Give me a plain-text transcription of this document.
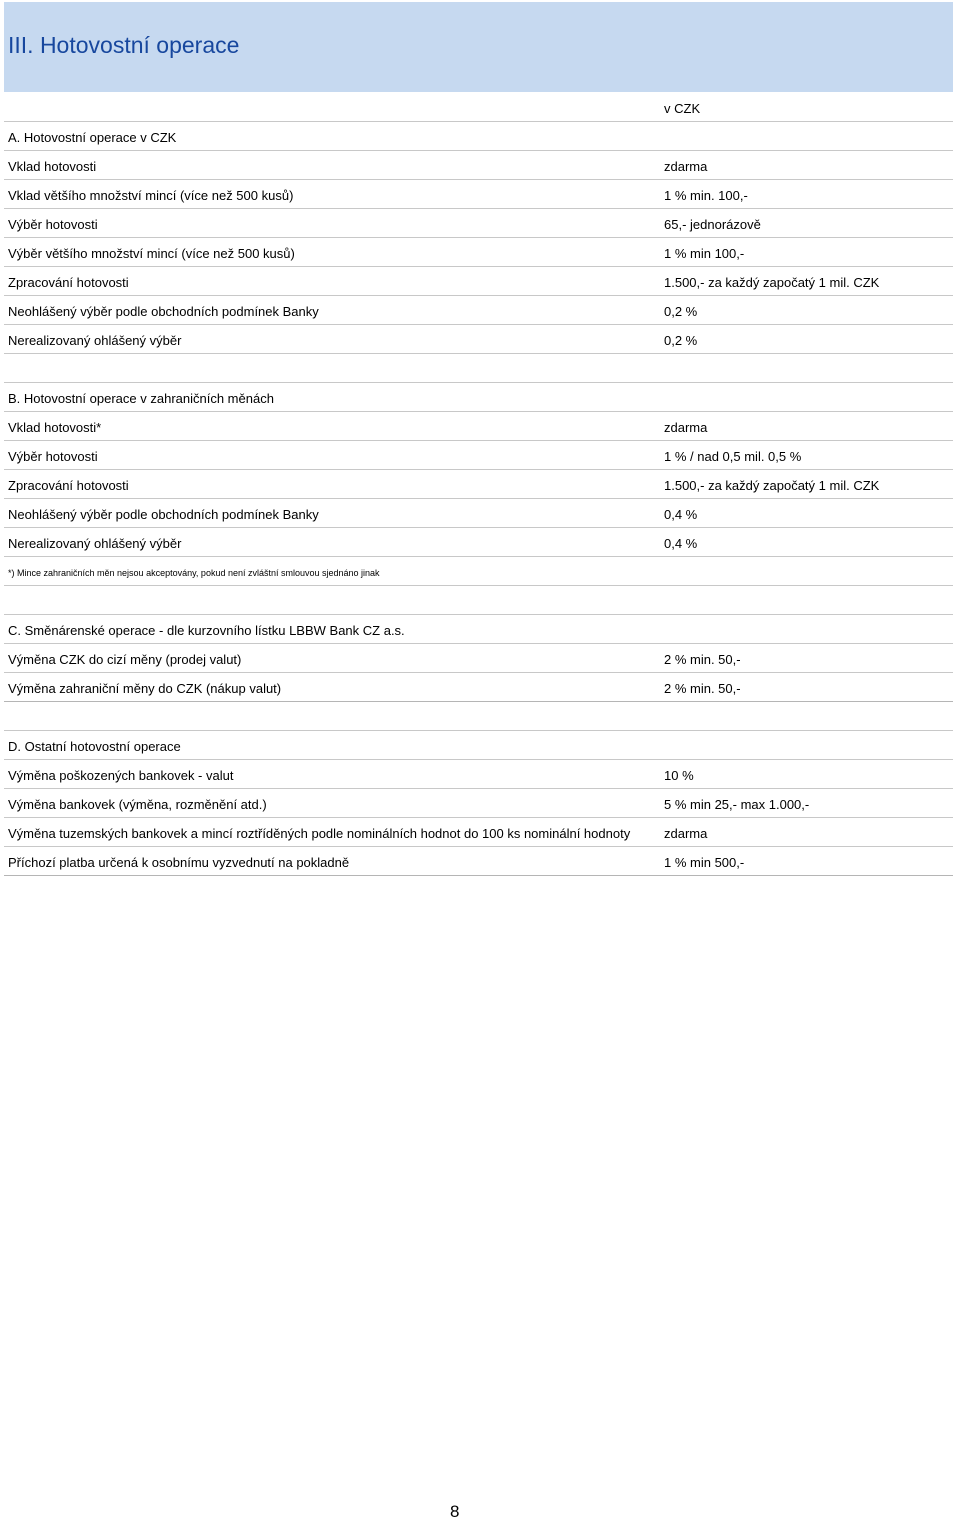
III. Hotovostní operace
v CZK
A. Hotovostní operace v CZK
Vklad hotovosti	zdarma
Vklad většího množství mincí (více než 500 kusů)	1 % min. 100,-
Výběr hotovosti	65,- jednorázově
Výběr většího množství mincí (více než 500 kusů)	1 % min 100,-
Zpracování hotovosti	1.500,- za každý započatý 1 mil. CZK
Neohlášený výběr podle obchodních podmínek Banky	0,2 %
Nerealizovaný ohlášený výběr	0,2 %
B. Hotovostní operace v zahraničních měnách
Vklad hotovosti*	zdarma
Výběr hotovosti	1 % / nad 0,5 mil. 0,5 %
Zpracování hotovosti	1.500,- za každý započatý 1 mil. CZK
Neohlášený výběr podle obchodních podmínek Banky	0,4 %
Nerealizovaný ohlášený výběr	0,4 %
*) Mince zahraničních měn nejsou akceptovány, pokud není zvláštní smlouvou sjednáno jinak
C. Směnárenské operace - dle kurzovního lístku LBBW Bank CZ a.s.
Výměna CZK do cizí měny (prodej valut)	2 % min. 50,-
Výměna zahraniční měny do CZK (nákup valut)	2 % min. 50,-
D. Ostatní hotovostní operace
Výměna poškozených bankovek - valut	10 %
Výměna bankovek (výměna, rozměnění atd.)	5 % min 25,- max 1.000,-
Výměna tuzemských bankovek a mincí roztříděných podle nominálních hodnot do 100 ks nominální hodnoty	zdarma
Příchozí platba určená k osobnímu vyzvednutí na pokladně	1 % min 500,-
8
